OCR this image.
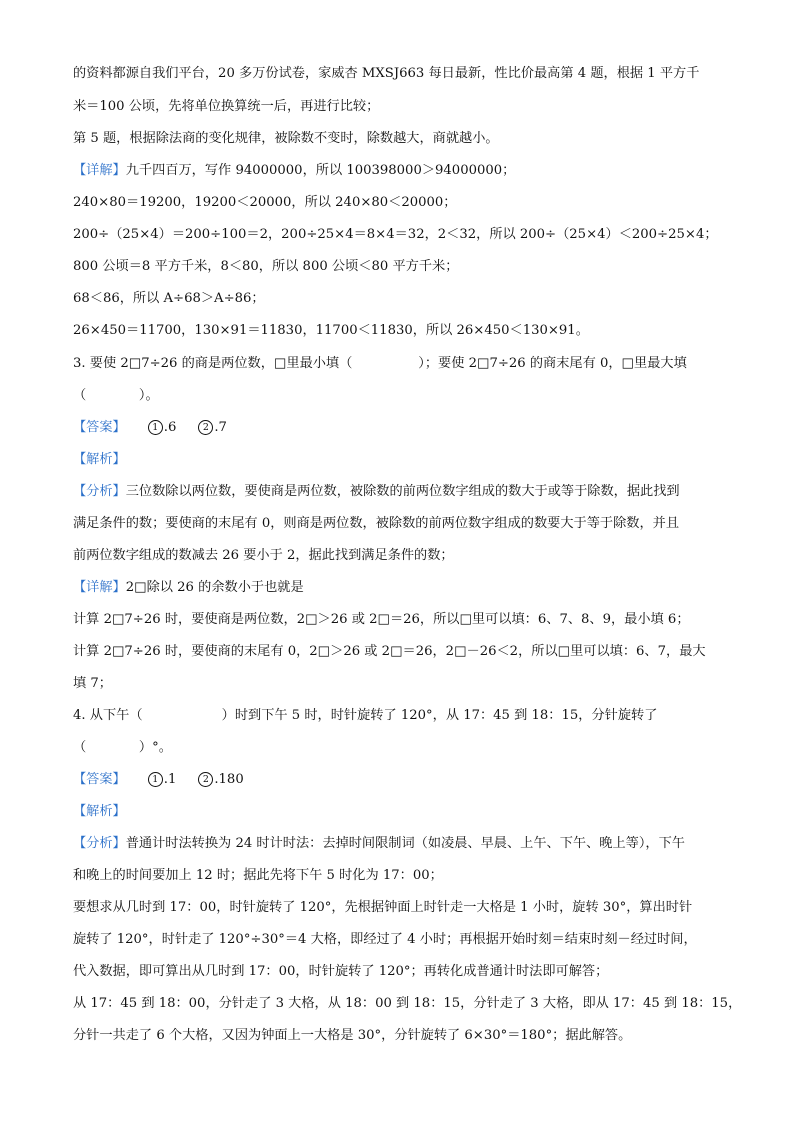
的资料都源自我们平台，20 多万份试卷，家威杏 MXSJ663 每日最新，性比价最高第 4 题，根据 1 平方千
米＝100 公顷，先将单位换算统一后，再进行比较；
第 5 题，根据除法商的变化规律，被除数不变时，除数越大，商就越小。
【详解】九千四百万，写作 94000000，所以 100398000＞94000000；
240×80＝19200，19200＜20000，所以 240×80＜20000；
200÷（25×4）＝200÷100＝2，200÷25×4＝8×4＝32，2＜32，所以 200÷（25×4）＜200÷25×4；
800 公顷＝8 平方千米，8＜80，所以 800 公顷＜80 平方千米；
68＜86，所以 A÷68＞A÷86；
26×450＝11700，130×91＝11830，11700＜11830，所以 26×450＜130×91。
3. 要使 2□7÷26 的商是两位数，□里最小填（　　　　　）；要使 2□7÷26 的商末尾有 0，□里最大填
（　　　　）。
【答案】	1 .6	2 .7
【解析】
【分析】三位数除以两位数，要使商是两位数，被除数的前两位数字组成的数大于或等于除数，据此找到
满足条件的数；要使商的末尾有 0，则商是两位数，被除数的前两位数字组成的数要大于等于除数，并且
前两位数字组成的数减去 26 要小于 2，据此找到满足条件的数；
【详解】2□除以 26 的余数小于也就是
计算 2□7÷26 时，要使商是两位数，2□＞26 或 2□＝26，所以□里可以填：6、7、8、9，最小填 6；
计算 2□7÷26 时，要使商的末尾有 0，2□＞26 或 2□＝26，2□－26＜2，所以□里可以填：6、7，最大
填 7；
4. 从下午（　　　　　　）时到下午 5 时，时针旋转了 120°，从 17：45 到 18：15，分针旋转了
（　　　　）°。
【答案】	1 .1	2 .180
【解析】
【分析】普通计时法转换为 24 时计时法：去掉时间限制词（如凌晨、早晨、上午、下午、晚上等），下午
和晚上的时间要加上 12 时；据此先将下午 5 时化为 17：00；
要想求从几时到 17：00，时针旋转了 120°，先根据钟面上时针走一大格是 1 小时，旋转 30°，算出时针
旋转了 120°，时针走了 120°÷30°＝4 大格，即经过了 4 小时；再根据开始时刻＝结束时刻－经过时间，
代入数据，即可算出从几时到 17：00，时针旋转了 120°；再转化成普通计时法即可解答；
从 17：45 到 18：00，分针走了 3 大格，从 18：00 到 18：15，分针走了 3 大格，即从 17：45 到 18：15，
分针一共走了 6 个大格，又因为钟面上一大格是 30°，分针旋转了 6×30°＝180°；据此解答。
